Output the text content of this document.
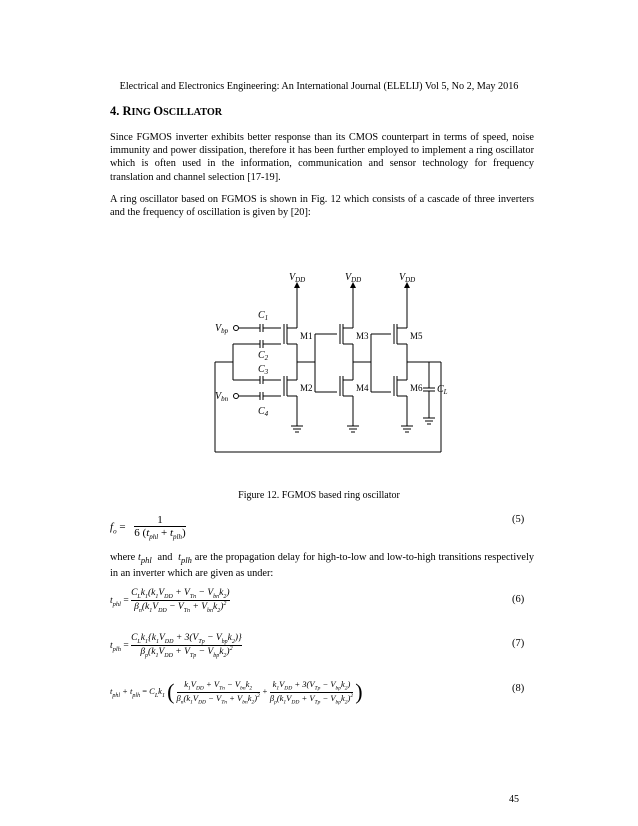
Electrical and Electronics Engineering: An International Journal (ELELIJ) Vol 5, No 2, May 2016
4. RING OSCILLATOR
Since FGMOS inverter exhibits better response than its CMOS counterpart in terms of speed, noise immunity and power dissipation, therefore it has been further employed to implement a ring oscillator which is often used in the information, communication and sensor technology for frequency translation and channel selection [17-19].
A ring oscillator based on FGMOS is shown in Fig. 12 which consists of a cascade of three inverters and the frequency of oscillation is given by [20]:
$V_{DD}$	$V_{DD}$	$V_{DD}$
$V_{bp}$
$V_{bn}$
$C_1$
$C_2$
$C_3$
$C_4$
$C_L$
M1
M2
M3
M4
M5
M6
Figure 12. FGMOS based ring oscillator
$f_o$ =
1
6 $(t_{phl} + t_{plh})$
(5)
where $t_{phl}$ and $t_{plh}$ are the propagation delay for high-to-low and low-to-high transitions respectively in an inverter which are given as under:
$t_{phl}$ =
$C_Lk_1(k_1V_{DD} + V_{Tn} - V_{bn}k_2)$
$\beta_n(k_1V_{DD} - V_{Tn} + V_{bn}k_2)^2$	(6)
$t_{plh}$ =
$C_Lk_1\{k_1V_{DD} + 3(V_{Tp} - V_{bp}k_2)\}$
$\beta_p(k_1V_{DD} + V_{Tp} - V_{bp}k_2)^2$	(7)
$t_{phl} + t_{plh} = C_Lk_1$ (	$k_1V_{DD} + V_{Tn} - V_{bn}k_2$
$\beta_n(k_1V_{DD} - V_{Tn} + V_{bn}k_2)^2$ +
$k_1V_{DD} + 3(V_{Tp} - V_{bp}k_2)$
$\beta_p(k_1V_{DD} + V_{Tp} - V_{bp}k_2)^2$ )	(8)
45
